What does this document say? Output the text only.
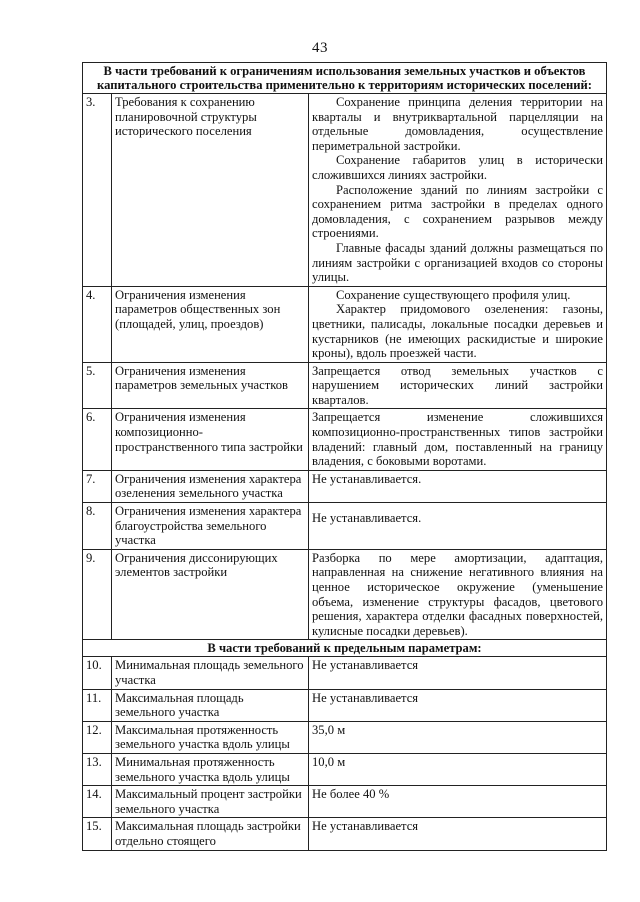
43
В части требований к ограничениям использования земельных участков и объектов капитального строительства применительно к территориям исторических поселений:		
3.	Требования к сохранению планировочной структуры исторического поселения	Сохранение принципа деления территории на кварталы и внутриквартальной парцелляции на отдельные домовладения, осуществление периметральной застройки.

Сохранение габаритов улиц в исторически сложившихся линиях застройки.

Расположение зданий по линиям застройки с сохранением ритма застройки в пределах одного домовладения, с сохранением разрывов между строениями.

Главные фасады зданий должны размещаться по линиям застройки с организацией входов со стороны улицы.

4.	Ограничения изменения параметров общественных зон (площадей, улиц, проездов)	Сохранение существующего профиля улиц.

Характер придомового озеленения: газоны, цветники, палисады, локальные посадки деревьев и кустарников (не имеющих раскидистые и широкие кроны), вдоль проезжей части.

5.	Ограничения изменения параметров земельных участков	Запрещается отвод земельных участков с нарушением исторических линий застройки кварталов.

6.	Ограничения изменения композиционно-пространственного типа застройки	Запрещается изменение сложившихся композиционно-пространственных типов застройки владений: главный дом, поставленный на границу владения, с боковыми воротами.

7.	Ограничения изменения характера озеленения земельного участка	Не устанавливается.

8.	Ограничения изменения характера благоустройства земельного участка	Не устанавливается.

9.	Ограничения диссонирующих элементов застройки	Разборка по мере амортизации, адаптация, направленная на снижение негативного влияния на ценное историческое окружение (уменьшение объема, изменение структуры фасадов, цветового решения, характера отделки фасадных поверхностей, кулисные посадки деревьев).

В части требований к предельным параметрам:		
10.	Минимальная площадь земельного участка	Не устанавливается
11.	Максимальная площадь земельного участка	Не устанавливается
12.	Максимальная протяженность земельного участка вдоль улицы	35,0 м
13.	Минимальная протяженность земельного участка вдоль улицы	10,0 м
14.	Максимальный процент застройки земельного участка	Не более 40 %
15.	Максимальная площадь застройки отдельно стоящего	Не устанавливается
